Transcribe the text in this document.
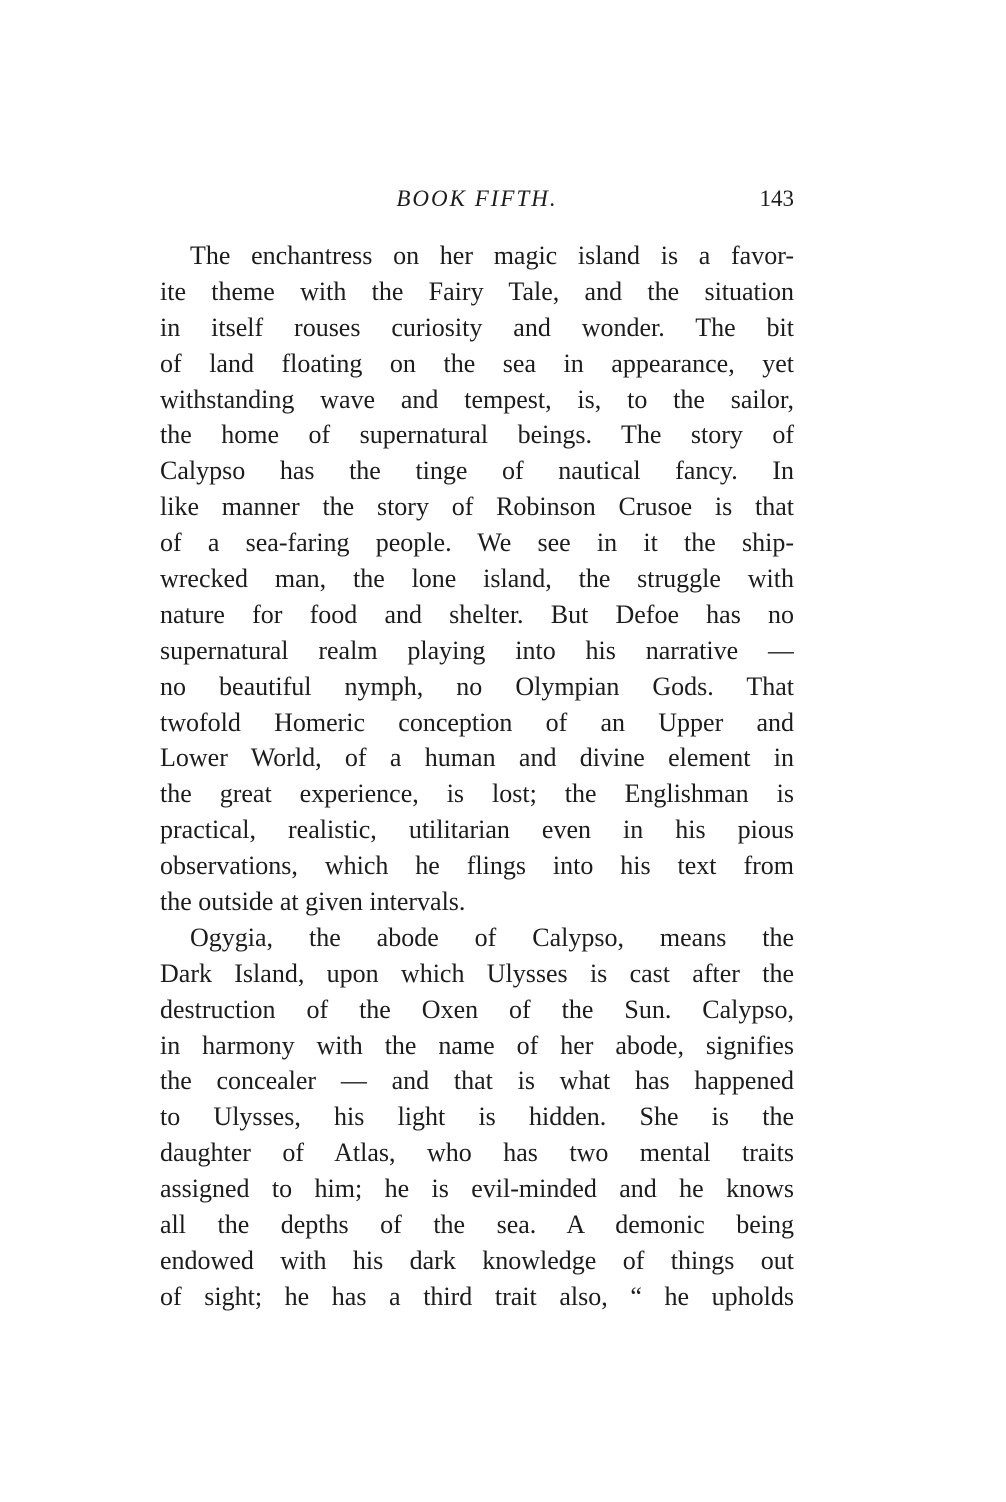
BOOK FIFTH.	143
The enchantress on her magic island is a favor-
ite theme with the Fairy Tale, and the situation
in itself rouses curiosity and wonder. The bit
of land floating on the sea in appearance, yet
withstanding wave and tempest, is, to the sailor,
the home of supernatural beings. The story of
Calypso has the tinge of nautical fancy. In
like manner the story of Robinson Crusoe is that
of a sea-faring people. We see in it the ship-
wrecked man, the lone island, the struggle with
nature for food and shelter. But Defoe has no
supernatural realm playing into his narrative —
no beautiful nymph, no Olympian Gods. That
twofold Homeric conception of an Upper and
Lower World, of a human and divine element in
the great experience, is lost; the Englishman is
practical, realistic, utilitarian even in his pious
observations, which he flings into his text from
the outside at given intervals.
Ogygia, the abode of Calypso, means the
Dark Island, upon which Ulysses is cast after the
destruction of the Oxen of the Sun. Calypso,
in harmony with the name of her abode, signifies
the concealer — and that is what has happened
to Ulysses, his light is hidden. She is the
daughter of Atlas, who has two mental traits
assigned to him; he is evil-minded and he knows
all the depths of the sea. A demonic being
endowed with his dark knowledge of things out
of sight; he has a third trait also, “ he upholds
